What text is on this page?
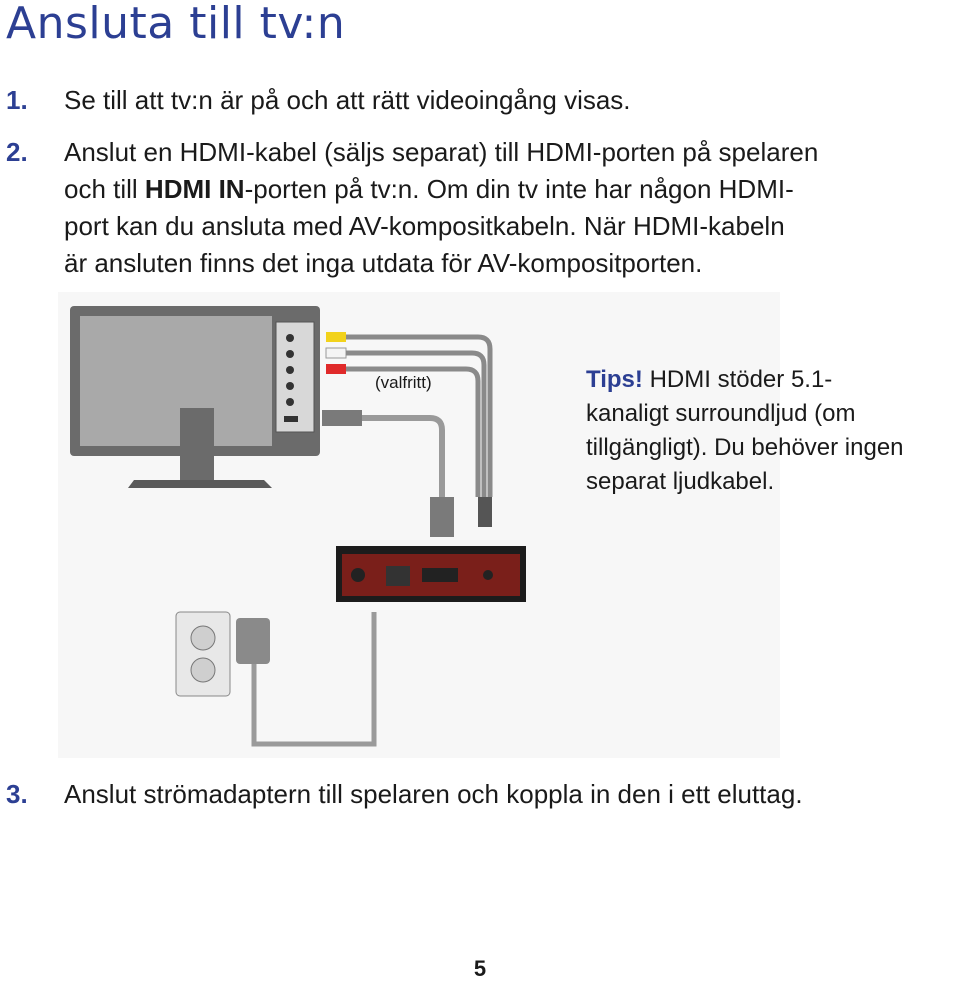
Ansluta till tv:n
1. Se till att tv:n är på och att rätt videoingång visas.
2. Anslut en HDMI-kabel (säljs separat) till HDMI-porten på spelaren
och till HDMI IN-porten på tv:n. Om din tv inte har någon HDMI-
port kan du ansluta med AV-kompositkabeln. När HDMI-kabeln
är ansluten finns det inga utdata för AV-kompositporten.
(valfritt)	Tips! HDMI stöder 5.1-
kanaligt surroundljud (om
tillgängligt). Du behöver ingen
separat ljudkabel.
3. Anslut strömadaptern till spelaren och koppla in den i ett eluttag.
5
